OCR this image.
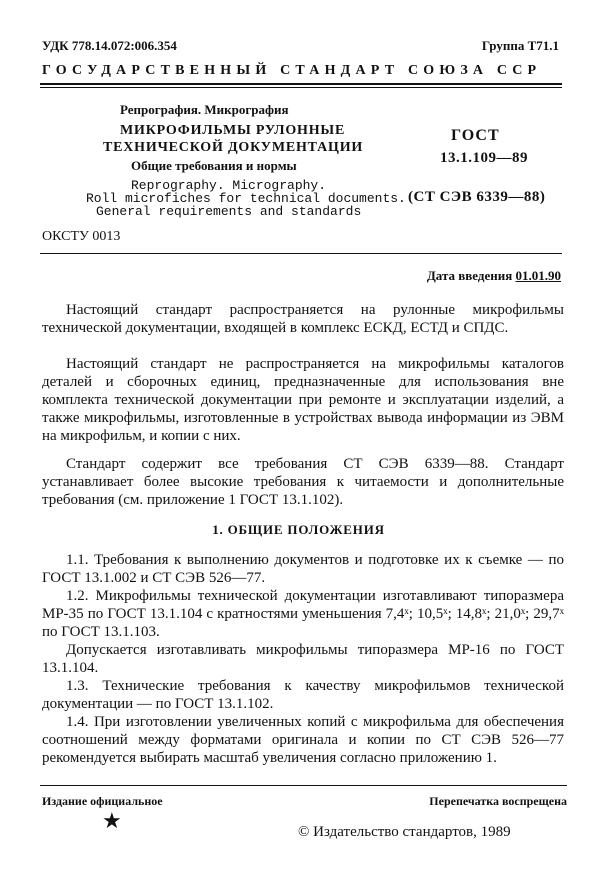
УДК 778.14.072:006.354	Группа Т71.1
ГОСУДАРСТВЕННЫЙ СТАНДАРТ СОЮЗА ССР
Репрография. Микрография
МИКРОФИЛЬМЫ РУЛОННЫЕ
ТЕХНИЧЕСКОЙ ДОКУМЕНТАЦИИ
Общие требования и нормы
Reprography. Micrography.
Roll microfiches for technical documents.
General requirements and standards
ГОСТ
13.1.109—89
(СТ СЭВ 6339—88)
ОКСТУ 0013
Дата введения 01.01.90
Настоящий стандарт распространяется на рулонные микрофильмы технической документации, входящей в комплекс ЕСКД, ЕСТД и СПДС.
Настоящий стандарт не распространяется на микрофильмы каталогов деталей и сборочных единиц, предназначенные для использования вне комплекта технической документации при ремонте и эксплуатации изделий, а также микрофильмы, изготовленные в устройствах вывода информации из ЭВМ на микрофильм, и копии с них.
Стандарт содержит все требования СТ СЭВ 6339—88. Стандарт устанавливает более высокие требования к читаемости и дополнительные требования (см. приложение 1 ГОСТ 13.1.102).
1. ОБЩИЕ ПОЛОЖЕНИЯ
1.1. Требования к выполнению документов и подготовке их к съемке — по ГОСТ 13.1.002 и СТ СЭВ 526—77.
1.2. Микрофильмы технической документации изготавливают типоразмера МР-35 по ГОСТ 13.1.104 с кратностями уменьшения 7,4ˣ; 10,5ˣ; 14,8ˣ; 21,0ˣ; 29,7ˣ по ГОСТ 13.1.103.
Допускается изготавливать микрофильмы типоразмера МР-16 по ГОСТ 13.1.104.
1.3. Технические требования к качеству микрофильмов технической документации — по ГОСТ 13.1.102.
1.4. При изготовлении увеличенных копий с микрофильма для обеспечения соотношений между форматами оригинала и копии по СТ СЭВ 526—77 рекомендуется выбирать масштаб увеличения согласно приложению 1.
Издание официальное	Перепечатка воспрещена
★	© Издательство стандартов, 1989
